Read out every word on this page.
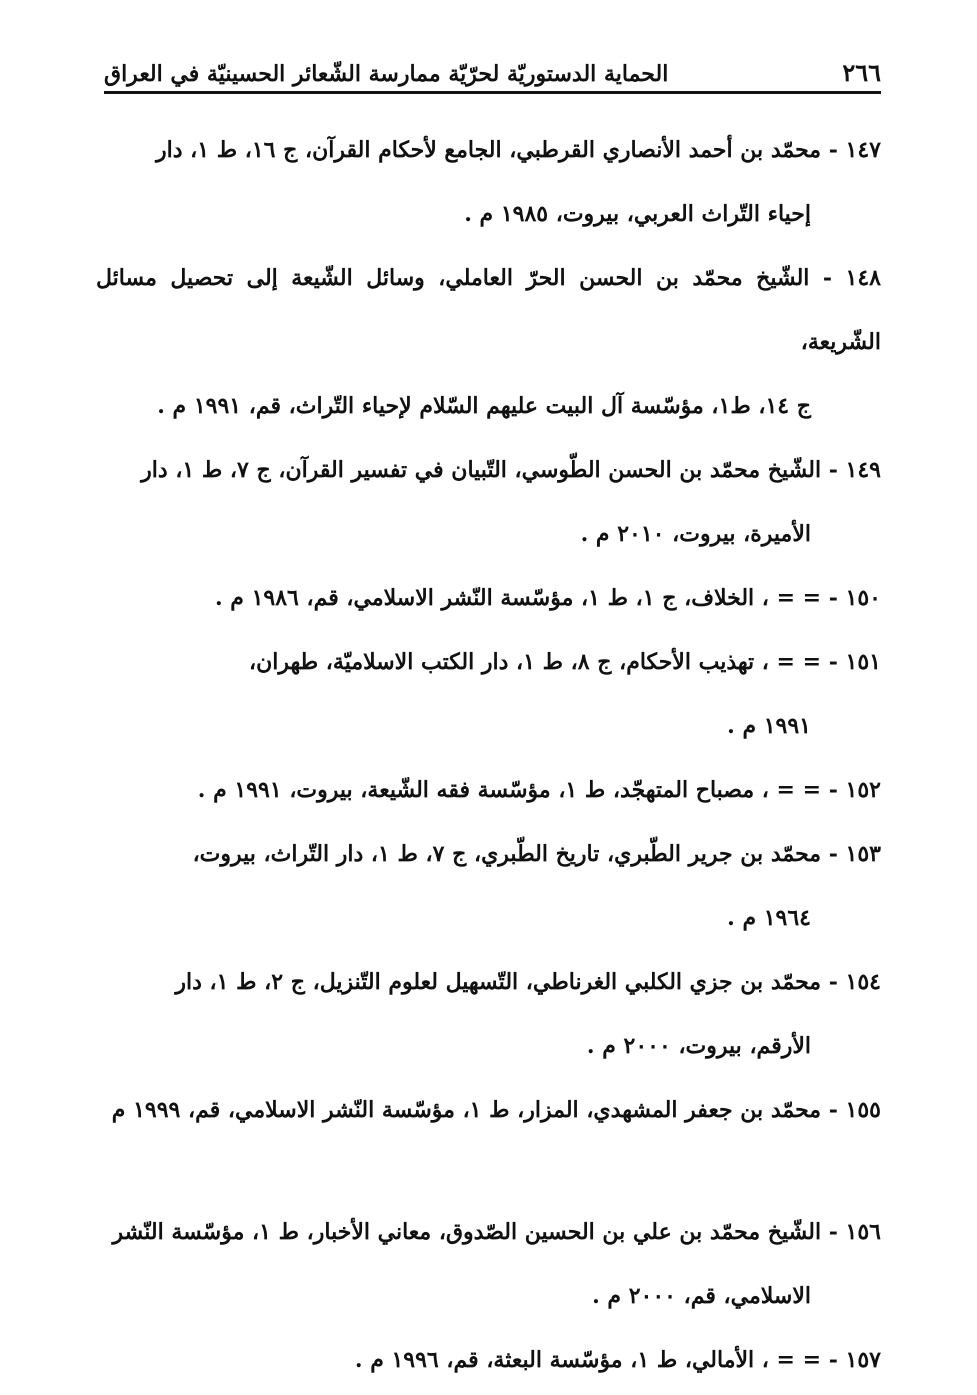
٢٦٦
الحماية الدستوريّة لحرّيّة ممارسة الشّعائر الحسينيّة في العراق
١٤٧ - محمّد بن أحمد الأنصاري القرطبي، الجامع لأحكام القرآن، ج ١٦، ط ١، دار
إحياء التّراث العربي، بيروت، ١٩٨٥ م .
١٤٨ - الشّيخ محمّد بن الحسن الحرّ العاملي، وسائل الشّيعة إلى تحصيل مسائل الشّريعة،
ج ١٤، ط١، مؤسّسة آل البيت عليهم السّلام لإحياء التّراث، قم، ١٩٩١ م .
١٤٩ - الشّيخ محمّد بن الحسن الطّوسي، التّبيان في تفسير القرآن، ج ٧، ط ١، دار
الأميرة، بيروت، ٢٠١٠ م .
١٥٠ - = = ، الخلاف، ج ١، ط ١، مؤسّسة النّشر الاسلامي، قم، ١٩٨٦ م .
١٥١ - = = ، تهذيب الأحكام، ج ٨، ط ١، دار الكتب الاسلاميّة، طهران،
١٩٩١ م .
١٥٢ - = = ، مصباح المتهجّد، ط ١، مؤسّسة فقه الشّيعة، بيروت، ١٩٩١ م .
١٥٣ - محمّد بن جرير الطّبري، تاريخ الطّبري، ج ٧، ط ١، دار التّراث، بيروت،
١٩٦٤ م .
١٥٤ - محمّد بن جزي الكلبي الغرناطي، التّسهيل لعلوم التّنزيل، ج ٢، ط ١، دار
الأرقم، بيروت، ٢٠٠٠ م .
١٥٥ - محمّد بن جعفر المشهدي، المزار، ط ١، مؤسّسة النّشر الاسلامي، قم، ١٩٩٩ م
١٥٦ - الشّيخ محمّد بن علي بن الحسين الصّدوق، معاني الأخبار، ط ١، مؤسّسة النّشر
الاسلامي، قم، ٢٠٠٠ م .
١٥٧ - = = ، الأمالي، ط ١، مؤسّسة البعثة، قم، ١٩٩٦ م .
